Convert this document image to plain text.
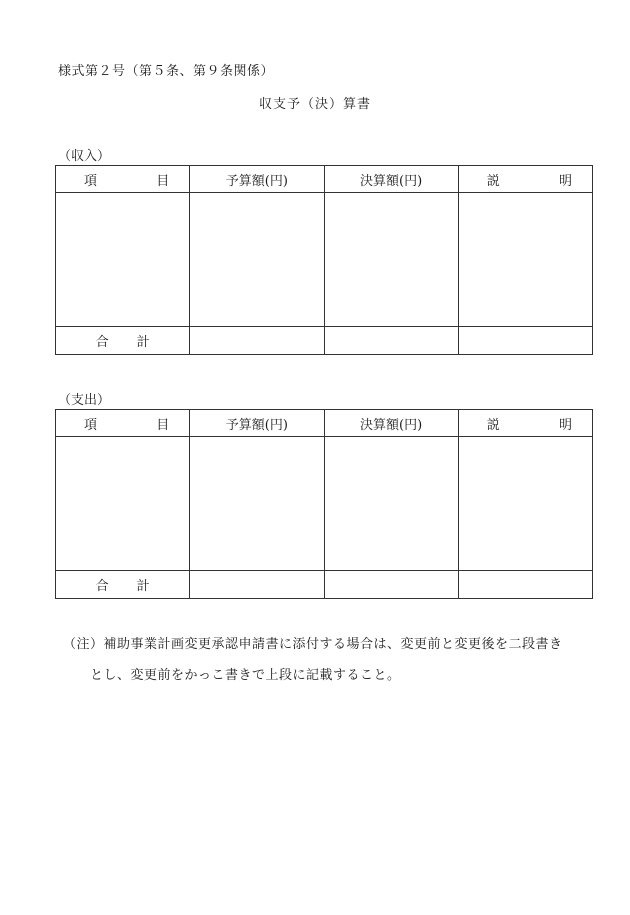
様式第２号（第５条、第９条関係）
収支予（決）算書
（収入）
項 目	予算額(円)	決算額(円)	説 明

合 計			

（支出）
項 目	予算額(円)	決算額(円)	説 明

合 計			

（注）補助事業計画変更承認申請書に添付する場合は、変更前と変更後を二段書き
とし、変更前をかっこ書きで上段に記載すること。
